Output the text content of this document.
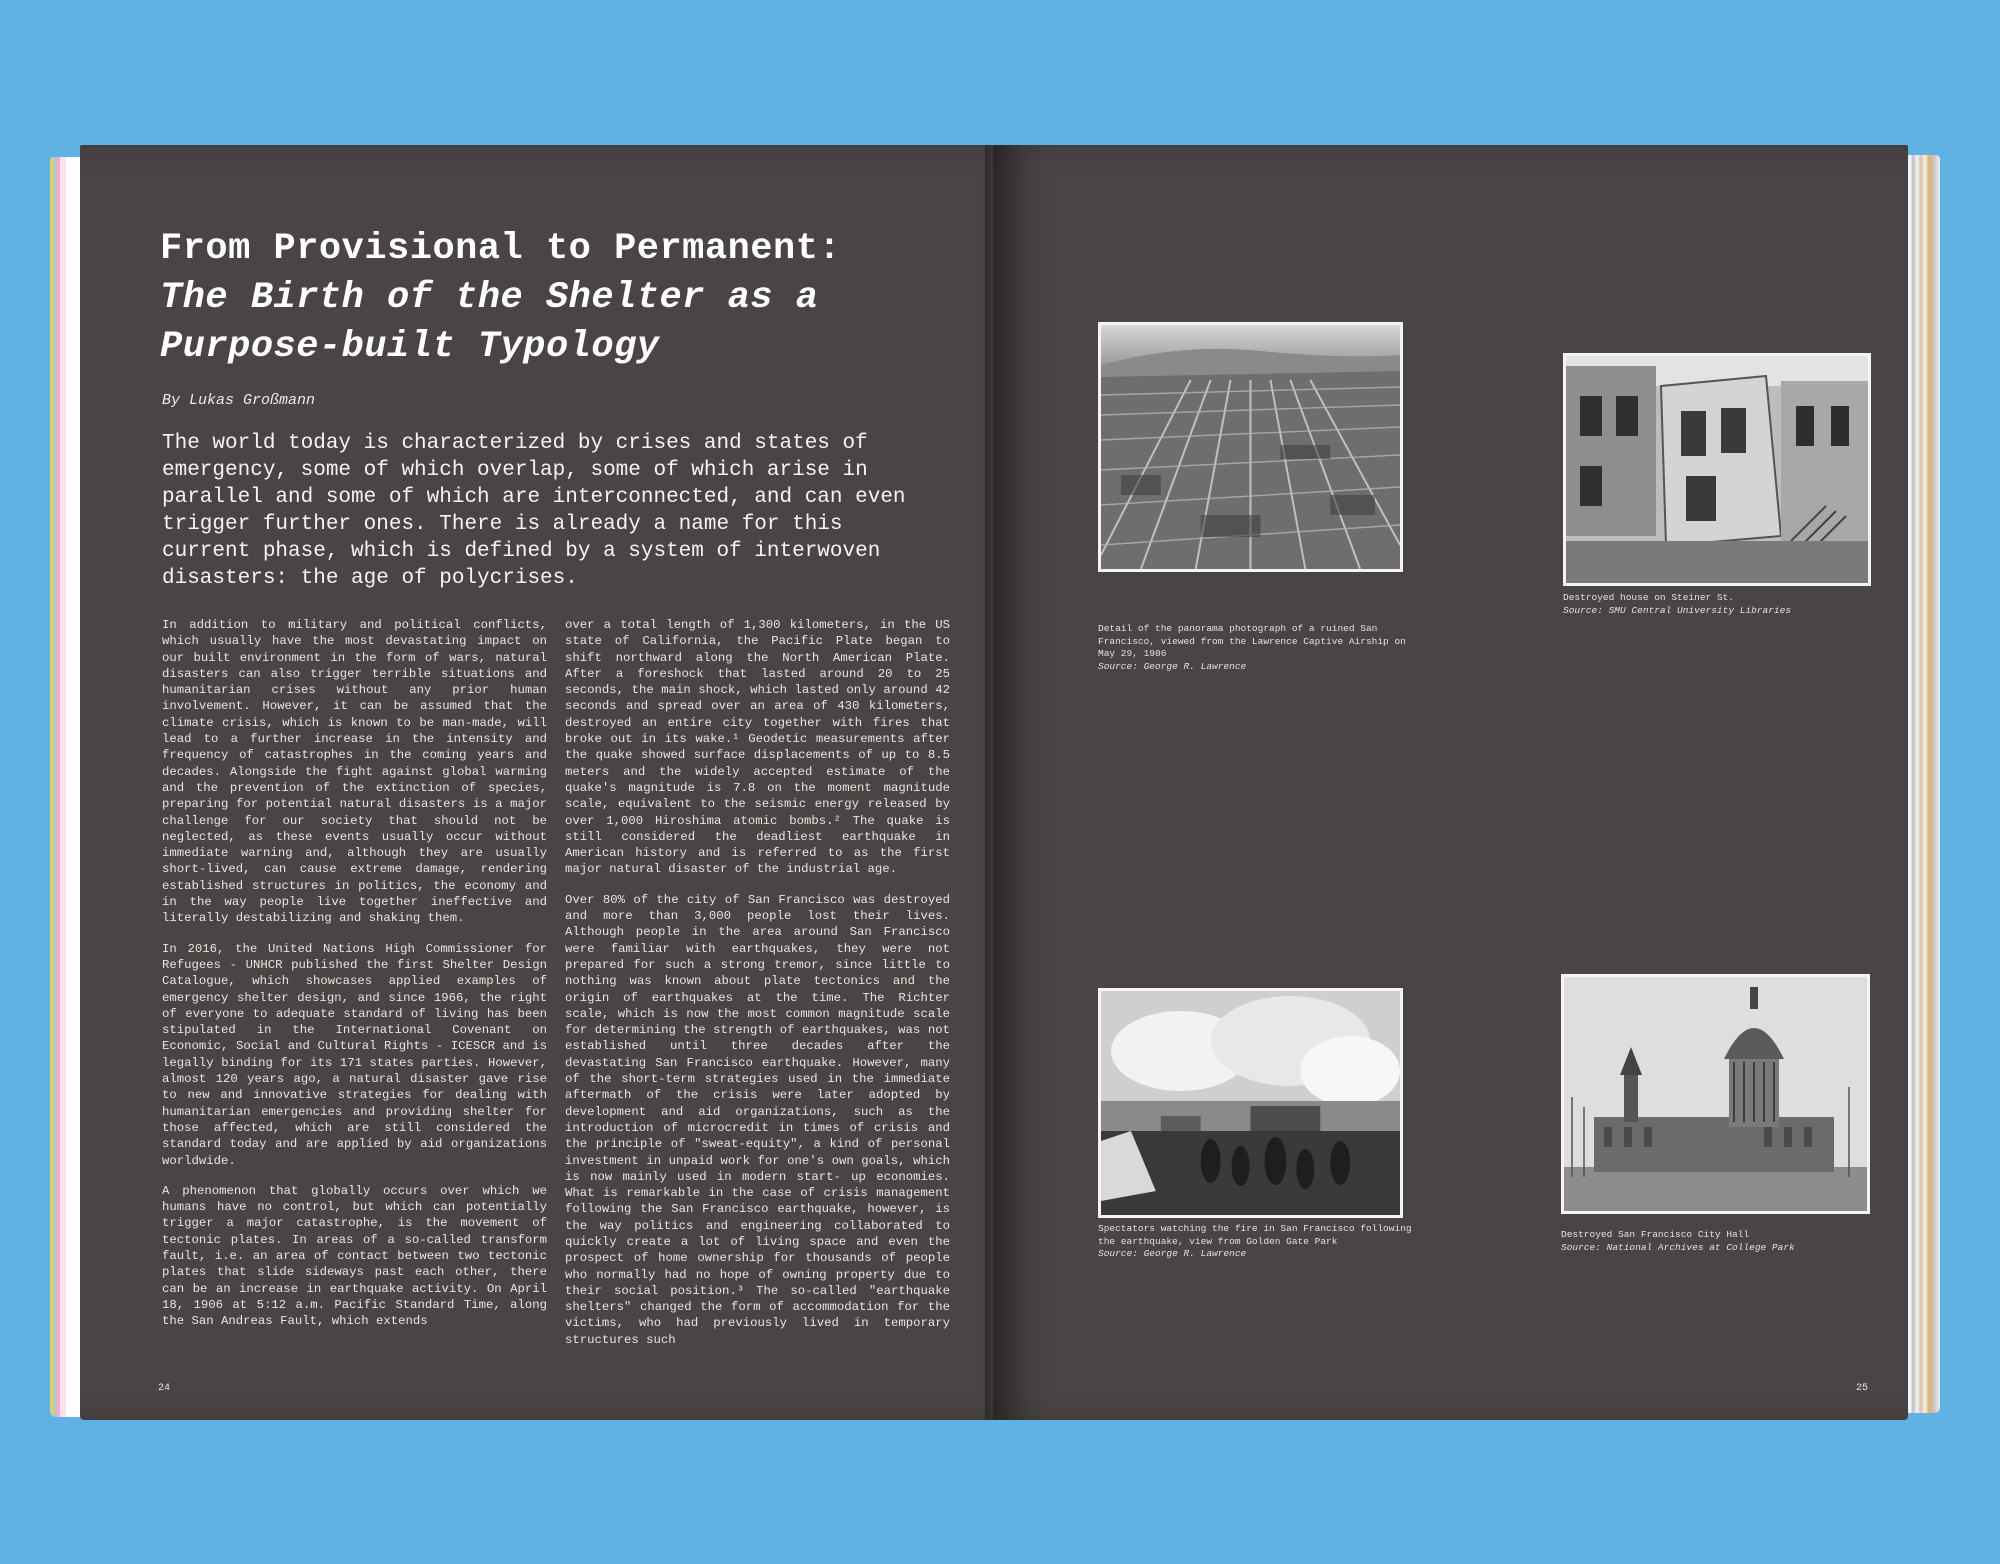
From Provisional to Permanent:
The Birth of the Shelter as a
Purpose-built Typology
By Lukas Großmann

The world today is characterized by crises and states of emergency, some of which overlap, some of which arise in parallel and some of which are interconnected, and can even trigger further ones. There is already a name for this current phase, which is defined by a system of interwoven disasters: the age of polycrises.

In addition to military and political conflicts, which usually have the most devastating impact on our built environment in the form of wars, natural disasters can also trigger terrible situations and humanitarian crises without any prior human involvement. However, it can be assumed that the climate crisis, which is known to be man-made, will lead to a further increase in the intensity and frequency of catastrophes in the coming years and decades. Alongside the fight against global warming and the prevention of the extinction of species, preparing for potential natural disasters is a major challenge for our society that should not be neglected, as these events usually occur without immediate warning and, although they are usually short-lived, can cause extreme damage, rendering established structures in politics, the economy and in the way people live together ineffective and literally destabilizing and shaking them.

In 2016, the United Nations High Commissioner for Refugees - UNHCR published the first Shelter Design Catalogue, which showcases applied examples of emergency shelter design, and since 1966, the right of everyone to adequate standard of living has been stipulated in the International Covenant on Economic, Social and Cultural Rights - ICESCR and is legally binding for its 171 states parties. However, almost 120 years ago, a natural disaster gave rise to new and innovative strategies for dealing with humanitarian emergencies and providing shelter for those affected, which are still considered the standard today and are applied by aid organizations worldwide.

A phenomenon that globally occurs over which we humans have no control, but which can potentially trigger a major catastrophe, is the movement of tectonic plates. In areas of a so-called transform fault, i.e. an area of contact between two tectonic plates that slide sideways past each other, there can be an increase in earthquake activity. On April 18, 1906 at 5:12 a.m. Pacific Standard Time, along the San Andreas Fault, which extends

over a total length of 1,300 kilometers, in the US state of California, the Pacific Plate began to shift northward along the North American Plate. After a foreshock that lasted around 20 to 25 seconds, the main shock, which lasted only around 42 seconds and spread over an area of 430 kilometers, destroyed an entire city together with fires that broke out in its wake.¹ Geodetic measurements after the quake showed surface displacements of up to 8.5 meters and the widely accepted estimate of the quake's magnitude is 7.8 on the moment magnitude scale, equivalent to the seismic energy released by over 1,000 Hiroshima atomic bombs.² The quake is still considered the deadliest earthquake in American history and is referred to as the first major natural disaster of the industrial age.

Over 80% of the city of San Francisco was destroyed and more than 3,000 people lost their lives. Although people in the area around San Francisco were familiar with earthquakes, they were not prepared for such a strong tremor, since little to nothing was known about plate tectonics and the origin of earthquakes at the time. The Richter scale, which is now the most common magnitude scale for determining the strength of earthquakes, was not established until three decades after the devastating San Francisco earthquake. However, many of the short-term strategies used in the immediate aftermath of the crisis were later adopted by development and aid organizations, such as the introduction of microcredit in times of crisis and the principle of "sweat-equity", a kind of personal investment in unpaid work for one's own goals, which is now mainly used in modern start- up economies. What is remarkable in the case of crisis management following the San Francisco earthquake, however, is the way politics and engineering collaborated to quickly create a lot of living space and even the prospect of home ownership for thousands of people who normally had no hope of owning property due to their social position.³ The so-called "earthquake shelters" changed the form of accommodation for the victims, who had previously lived in temporary structures such

24
Detail of the panorama photograph of a ruined San Francisco, viewed from the Lawrence Captive Airship on May 29, 1906
Source: George R. Lawrence
Destroyed house on Steiner St.
Source: SMU Central University Libraries
Spectators watching the fire in San Francisco following the earthquake, view from Golden Gate Park
Source: George R. Lawrence
Destroyed San Francisco City Hall
Source: National Archives at College Park
25
